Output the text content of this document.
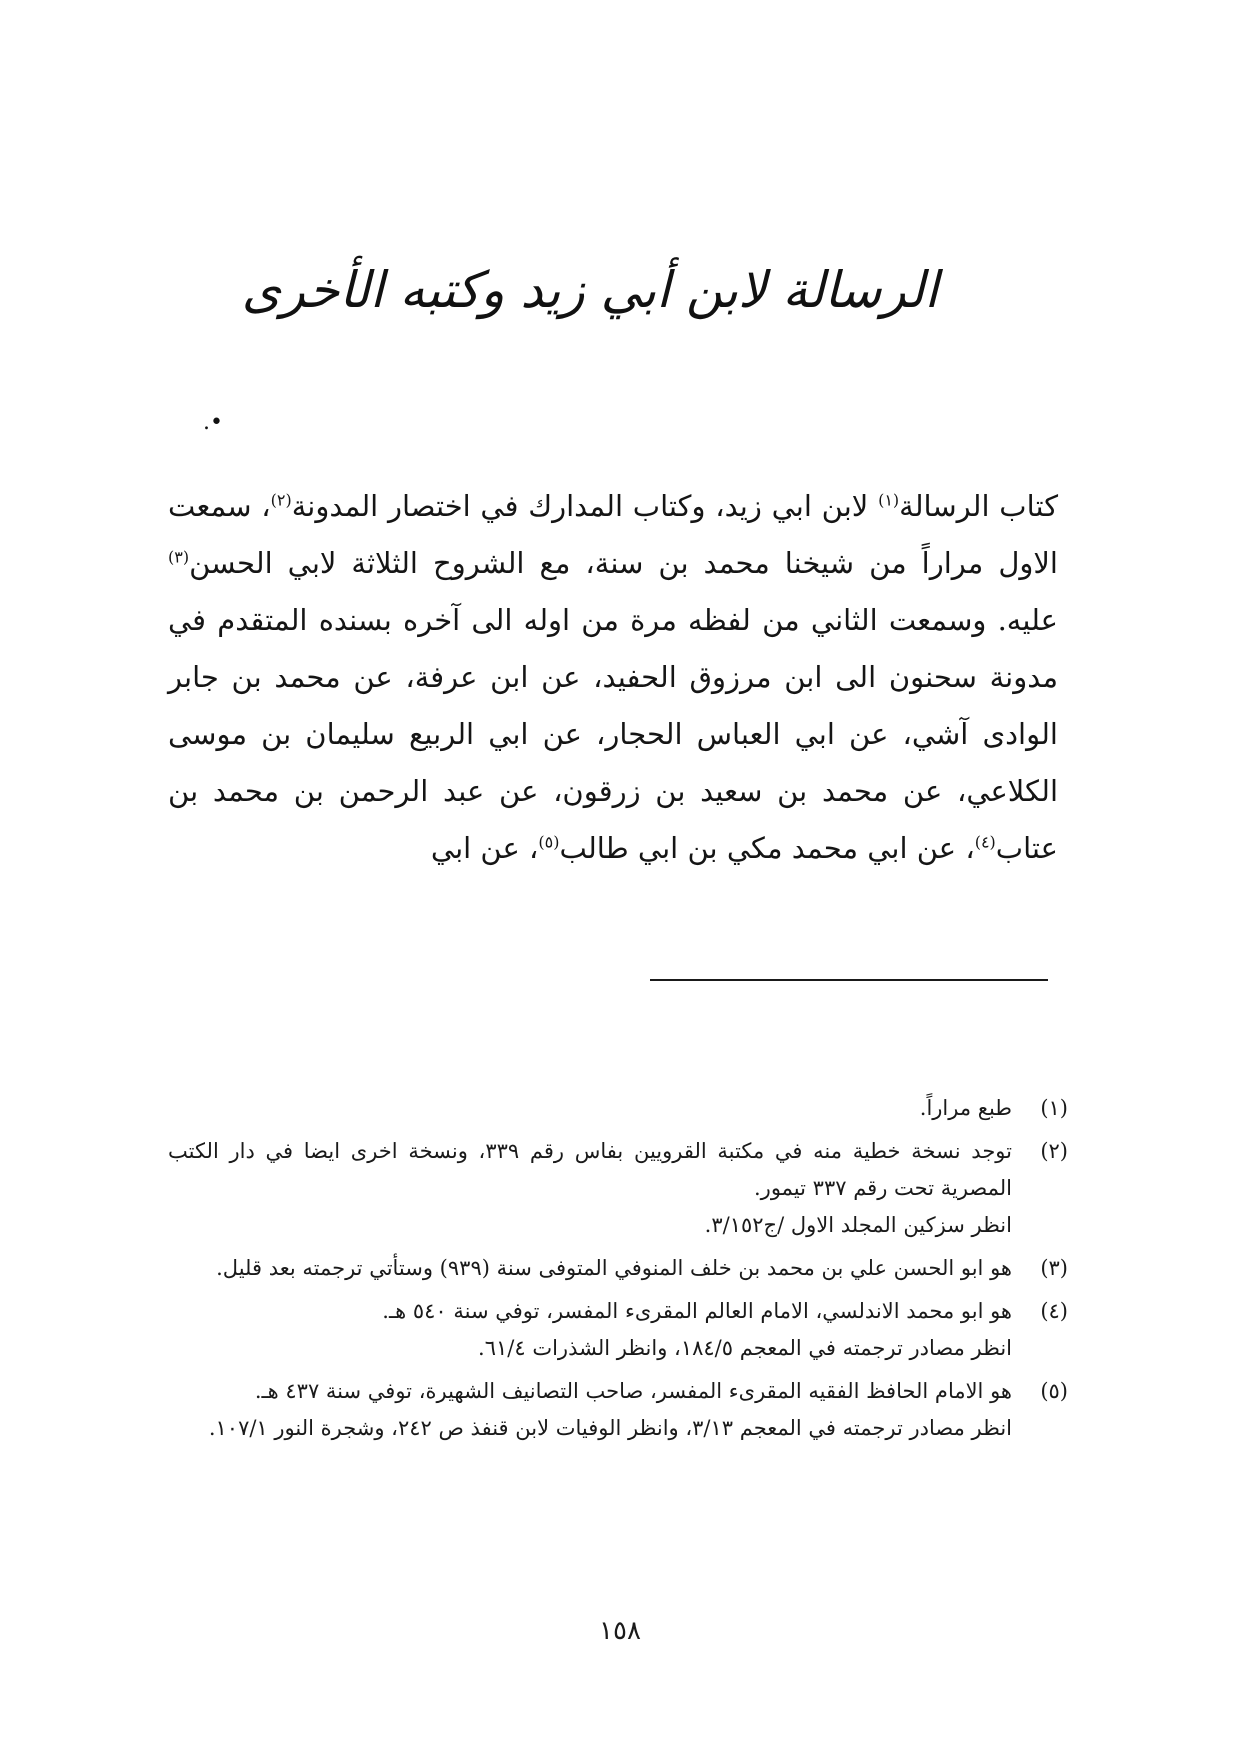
الرسالة لابن أبي زيد وكتبه الأخرى
.•
كتاب الرسالة$^{(١)}$ لابن ابي زيد، وكتاب المدارك في اختصار المدونة$^{(٢)}$، سمعت الاول مراراً من شيخنا محمد بن سنة، مع الشروح الثلاثة لابي الحسن$^{(٣)}$ عليه. وسمعت الثاني من لفظه مرة من اوله الى آخره بسنده المتقدم في مدونة سحنون الى ابن مرزوق الحفيد، عن ابن عرفة، عن محمد بن جابر الوادى آشي، عن ابي العباس الحجار، عن ابي الربيع سليمان بن موسى الكلاعي، عن محمد بن سعيد بن زرقون، عن عبد الرحمن بن محمد بن عتاب$^{(٤)}$، عن ابي محمد مكي بن ابي طالب$^{(٥)}$، عن ابي
(١)
طبع مراراً.
(٢)
توجد نسخة خطية منه في مكتبة القرويين بفاس رقم ٣٣٩، ونسخة اخرى ايضا في دار الكتب المصرية تحت رقم ٣٣٧ تيمور.
انظر سزكين المجلد الاول /ج٣/١٥٢.
(٣)
هو ابو الحسن علي بن محمد بن خلف المنوفي المتوفى سنة (٩٣٩) وستأتي ترجمته بعد قليل.
(٤)
هو ابو محمد الاندلسي، الامام العالم المقرىء المفسر، توفي سنة ٥٤٠ هـ.
انظر مصادر ترجمته في المعجم ١٨٤/٥، وانظر الشذرات ٦١/٤.
(٥)
هو الامام الحافظ الفقيه المقرىء المفسر، صاحب التصانيف الشهيرة، توفي سنة ٤٣٧ هـ.
انظر مصادر ترجمته في المعجم ٣/١٣، وانظر الوفيات لابن قنفذ ص ٢٤٢، وشجرة النور ١٠٧/١.
١٥٨
